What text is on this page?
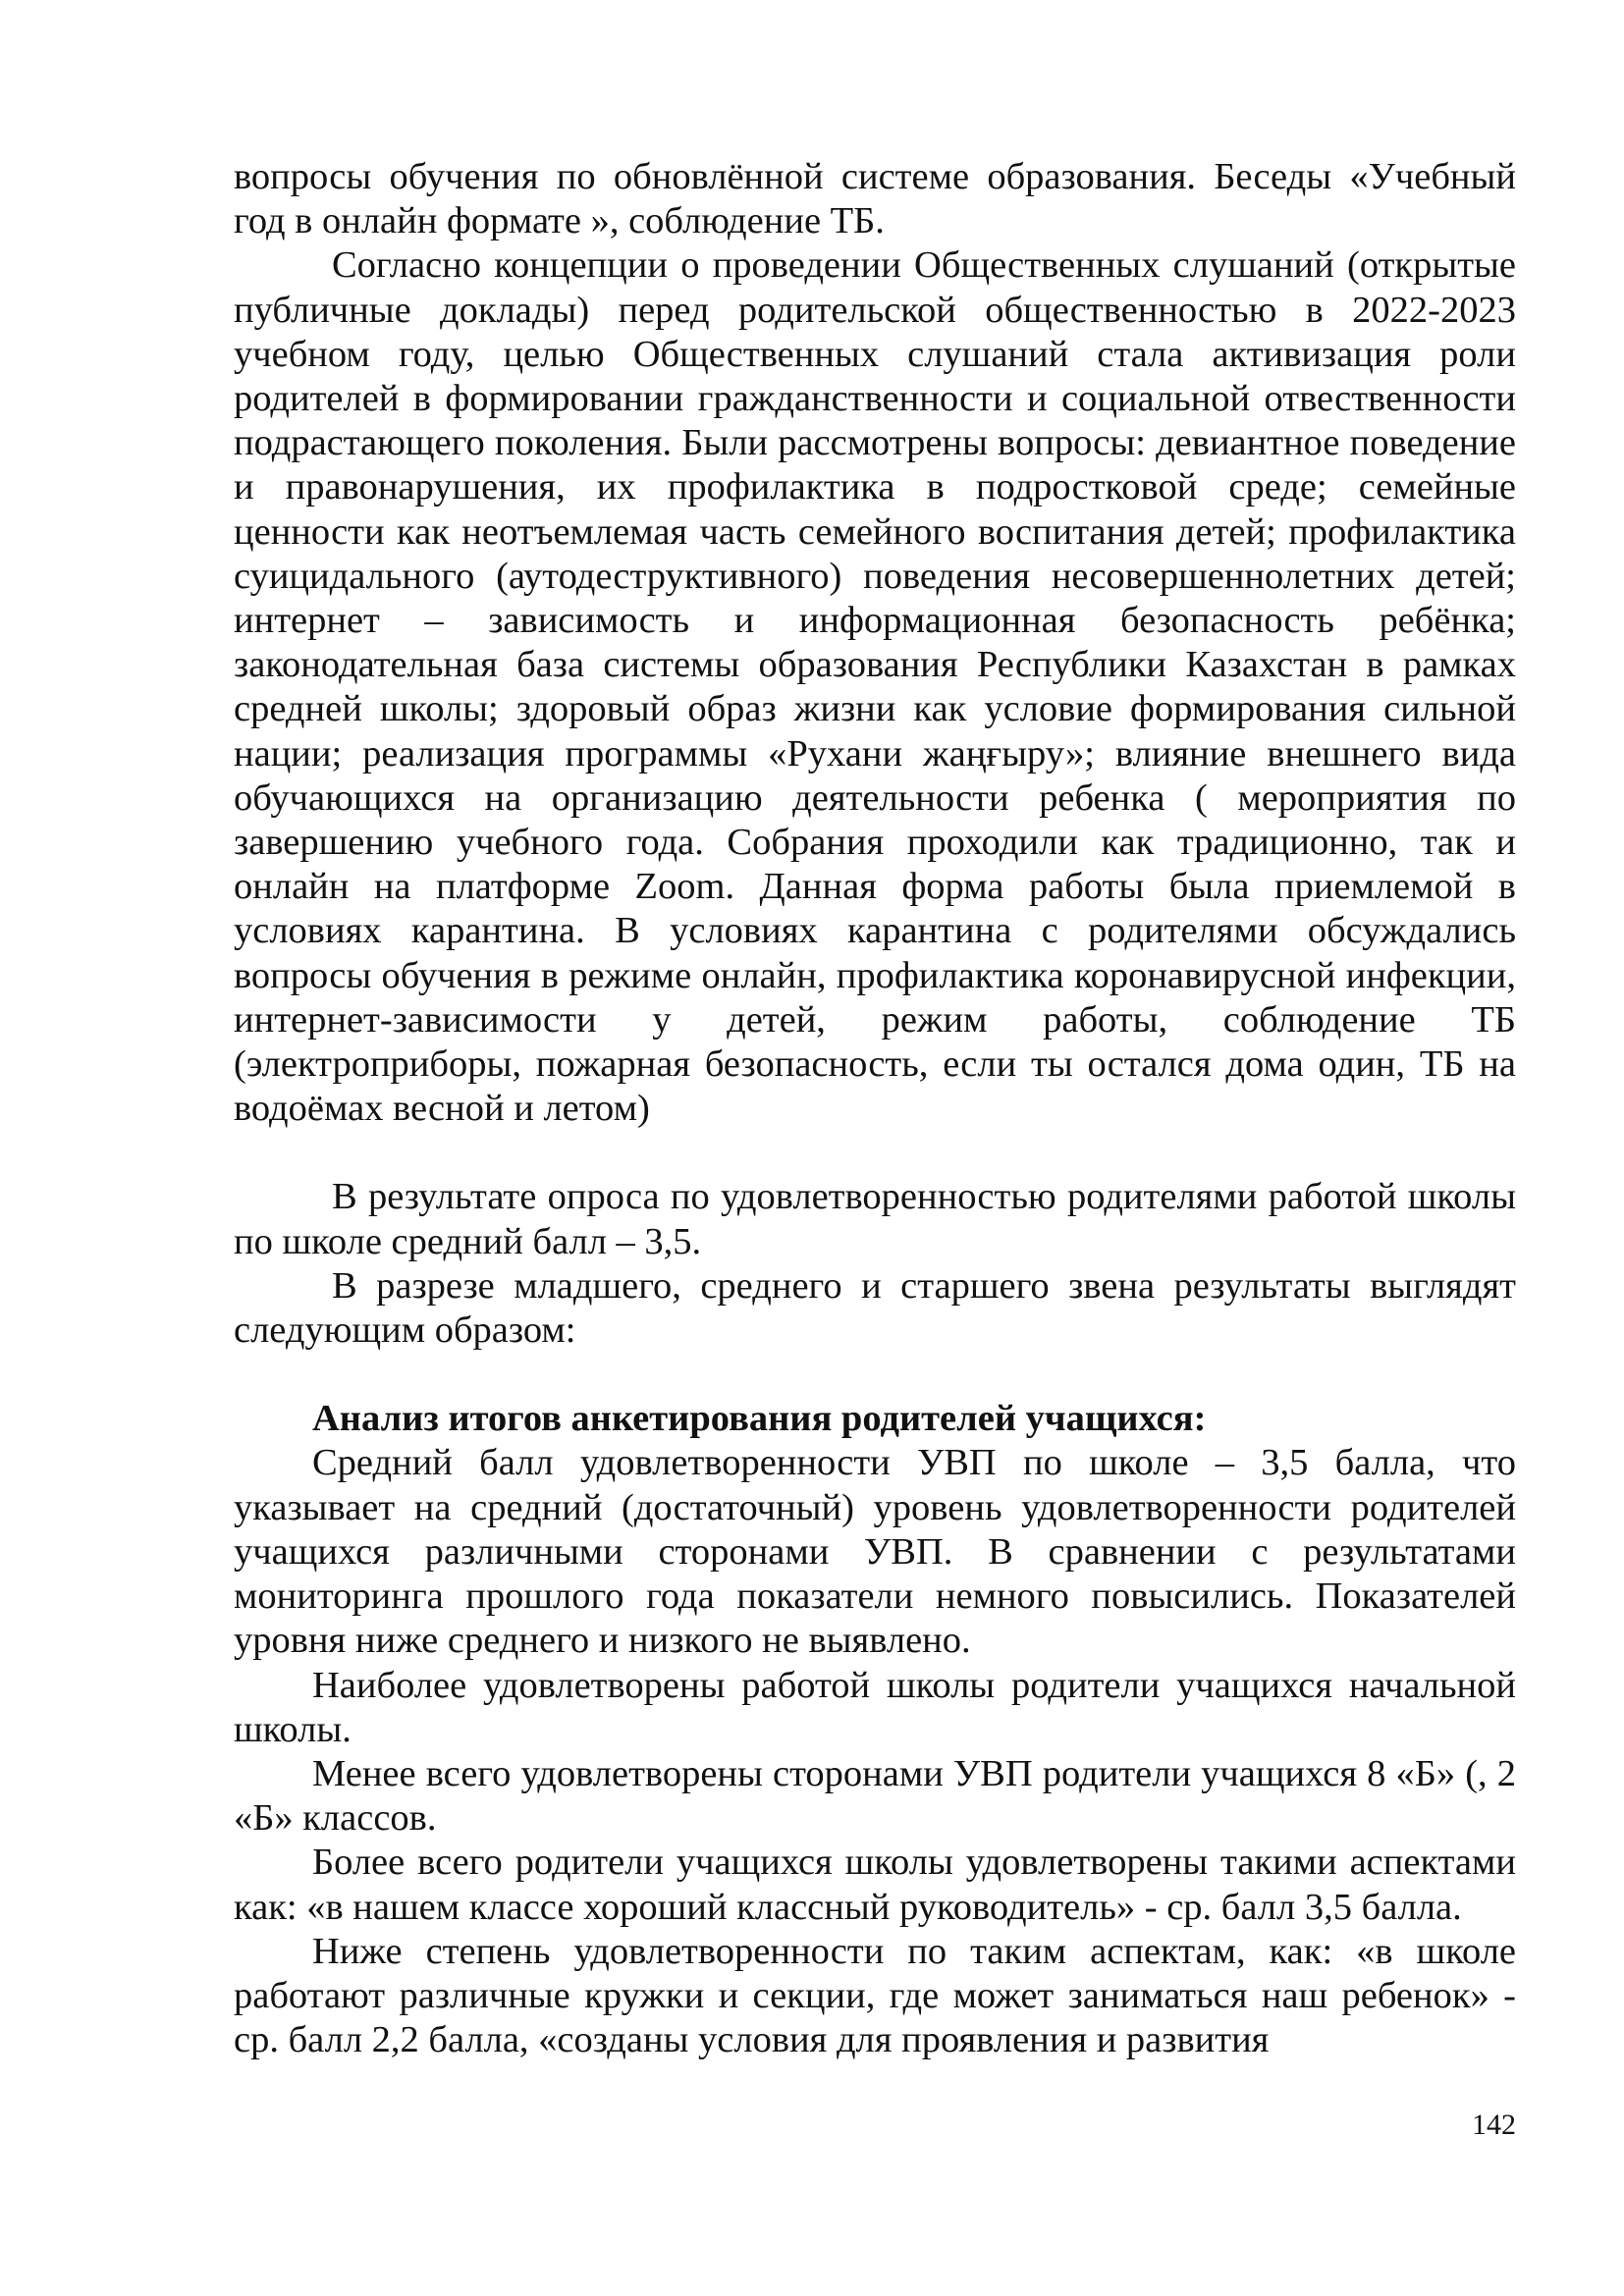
вопросы обучения по обновлённой системе образования. Беседы «Учебный год в онлайн формате », соблюдение ТБ.

Согласно концепции о проведении Общественных слушаний (открытые публичные доклады) перед родительской общественностью в 2022-2023 учебном году, целью Общественных слушаний стала активизация роли родителей в формировании гражданственности и социальной отвественности подрастающего поколения. Были рассмотрены вопросы: девиантное поведение и правонарушения, их профилактика в подростковой среде; семейные ценности как неотъемлемая часть семейного воспитания детей; профилактика суицидального (аутодеструктивного) поведения несовершеннолетних детей; интернет – зависимость и информационная безопасность ребёнка; законодательная база системы образования Республики Казахстан в рамках средней школы; здоровый образ жизни как условие формирования сильной нации; реализация программы «Рухани жаңғыру»; влияние внешнего вида обучающихся на организацию деятельности ребенка ( мероприятия по завершению учебного года. Собрания проходили как традиционно, так и онлайн на платформе Zoom. Данная форма работы была приемлемой в условиях карантина. В условиях карантина с родителями обсуждались вопросы обучения в режиме онлайн, профилактика коронавирусной инфекции, интернет-зависимости у детей, режим работы, соблюдение ТБ (электроприборы, пожарная безопасность, если ты остался дома один, ТБ на водоёмах весной и летом)

В результате опроса по удовлетворенностью родителями работой школы по школе средний балл – 3,5.

В разрезе младшего, среднего и старшего звена результаты выглядят следующим образом:

Анализ итогов анкетирования родителей учащихся:

Средний балл удовлетворенности УВП по школе – 3,5 балла, что указывает на средний (достаточный) уровень удовлетворенности родителей учащихся различными сторонами УВП. В сравнении с результатами мониторинга прошлого года показатели немного повысились. Показателей уровня ниже среднего и низкого не выявлено.

Наиболее удовлетворены работой школы родители учащихся начальной школы.

Менее всего удовлетворены сторонами УВП родители учащихся 8 «Б» (, 2 «Б» классов.

Более всего родители учащихся школы удовлетворены такими аспектами как: «в нашем классе хороший классный руководитель» - ср. балл 3,5 балла.

Ниже степень удовлетворенности по таким аспектам, как: «в школе работают различные кружки и секции, где может заниматься наш ребенок» - ср. балл 2,2 балла, «созданы условия для проявления и развития

142
